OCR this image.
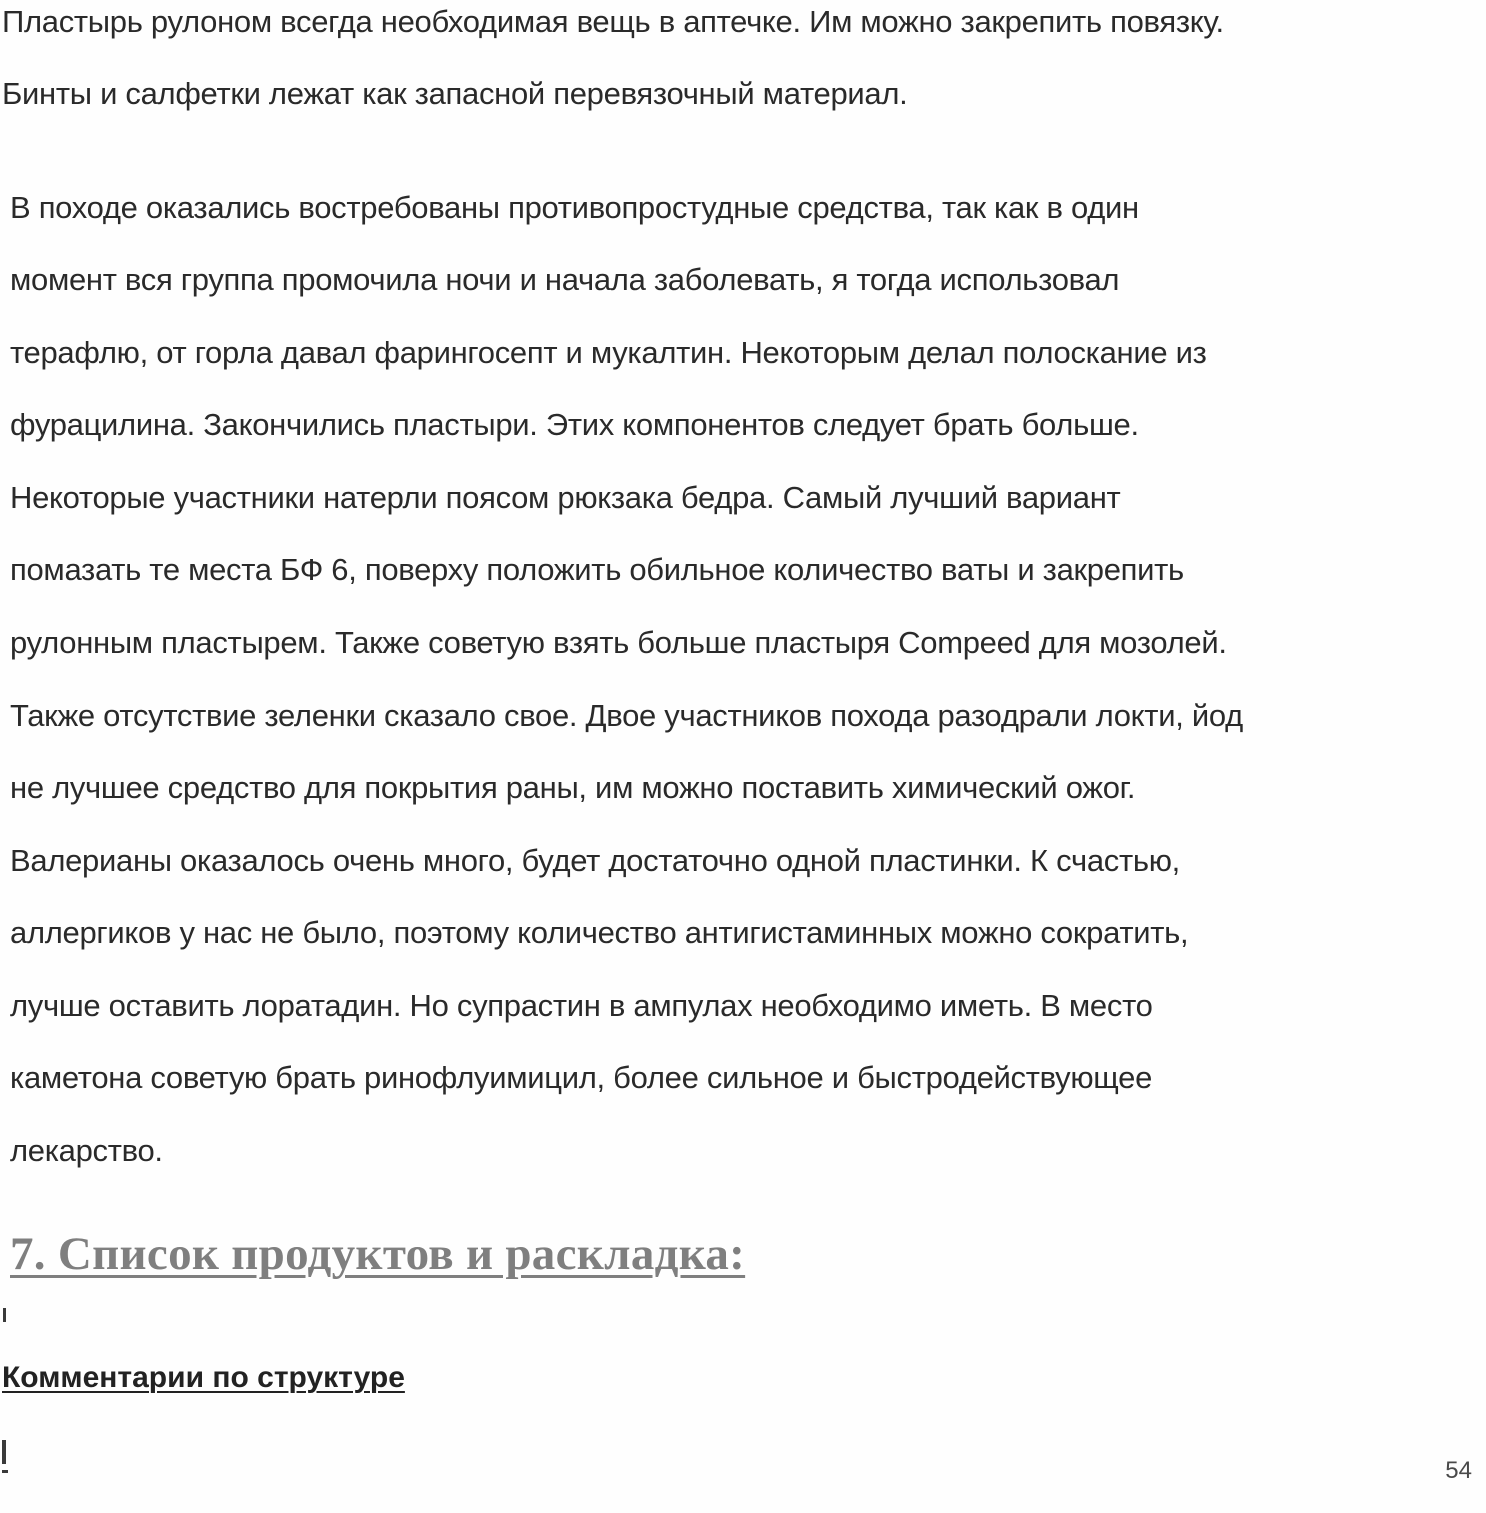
Пластырь рулоном всегда необходимая вещь в аптечке. Им можно закрепить повязку.
Бинты и салфетки лежат как запасной перевязочный материал.
В походе оказались востребованы противопростудные средства, так как в один
момент вся группа промочила ночи и начала заболевать, я тогда использовал
терафлю, от горла давал фарингосепт и мукалтин. Некоторым делал полоскание из
фурацилина. Закончились пластыри. Этих компонентов следует брать больше.
Некоторые участники натерли поясом рюкзака бедра. Самый лучший вариант
помазать те места БФ 6, поверху положить обильное количество ваты и закрепить
рулонным пластырем. Также советую взять больше пластыря Compeed для мозолей.
Также отсутствие зеленки сказало свое. Двое участников похода разодрали локти, йод
не лучшее средство для покрытия раны, им можно поставить химический ожог.
Валерианы оказалось очень много, будет достаточно одной пластинки. К счастью,
аллергиков у нас не было, поэтому количество антигистаминных можно сократить,
лучше оставить лоратадин. Но супрастин в ампулах необходимо иметь. В место
каметона советую брать ринофлуимицил, более сильное и быстродействующее
лекарство.
7. Список продуктов и раскладка:
Комментарии по структуре
54
